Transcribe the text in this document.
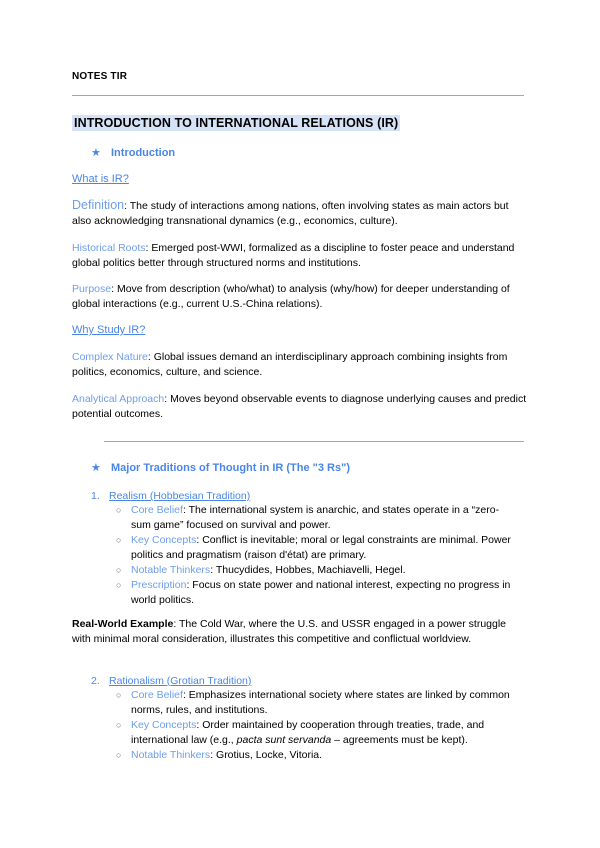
NOTES TIR
INTRODUCTION TO INTERNATIONAL RELATIONS (IR)
★ Introduction
What is IR?
Definition: The study of interactions among nations, often involving states as main actors but also acknowledging transnational dynamics (e.g., economics, culture).
Historical Roots: Emerged post-WWI, formalized as a discipline to foster peace and understand global politics better through structured norms and institutions.
Purpose: Move from description (who/what) to analysis (why/how) for deeper understanding of global interactions (e.g., current U.S.-China relations).
Why Study IR?
Complex Nature: Global issues demand an interdisciplinary approach combining insights from politics, economics, culture, and science.
Analytical Approach: Moves beyond observable events to diagnose underlying causes and predict potential outcomes.
★ Major Traditions of Thought in IR (The "3 Rs")
1. Realism (Hobbesian Tradition)
○ Core Belief: The international system is anarchic, and states operate in a “zero-sum game” focused on survival and power.
○ Key Concepts: Conflict is inevitable; moral or legal constraints are minimal. Power politics and pragmatism (raison d'état) are primary.
○ Notable Thinkers: Thucydides, Hobbes, Machiavelli, Hegel.
○ Prescription: Focus on state power and national interest, expecting no progress in world politics.
Real-World Example: The Cold War, where the U.S. and USSR engaged in a power struggle with minimal moral consideration, illustrates this competitive and conflictual worldview.
2. Rationalism (Grotian Tradition)
○ Core Belief: Emphasizes international society where states are linked by common norms, rules, and institutions.
○ Key Concepts: Order maintained by cooperation through treaties, trade, and international law (e.g., pacta sunt servanda – agreements must be kept).
○ Notable Thinkers: Grotius, Locke, Vitoria.
